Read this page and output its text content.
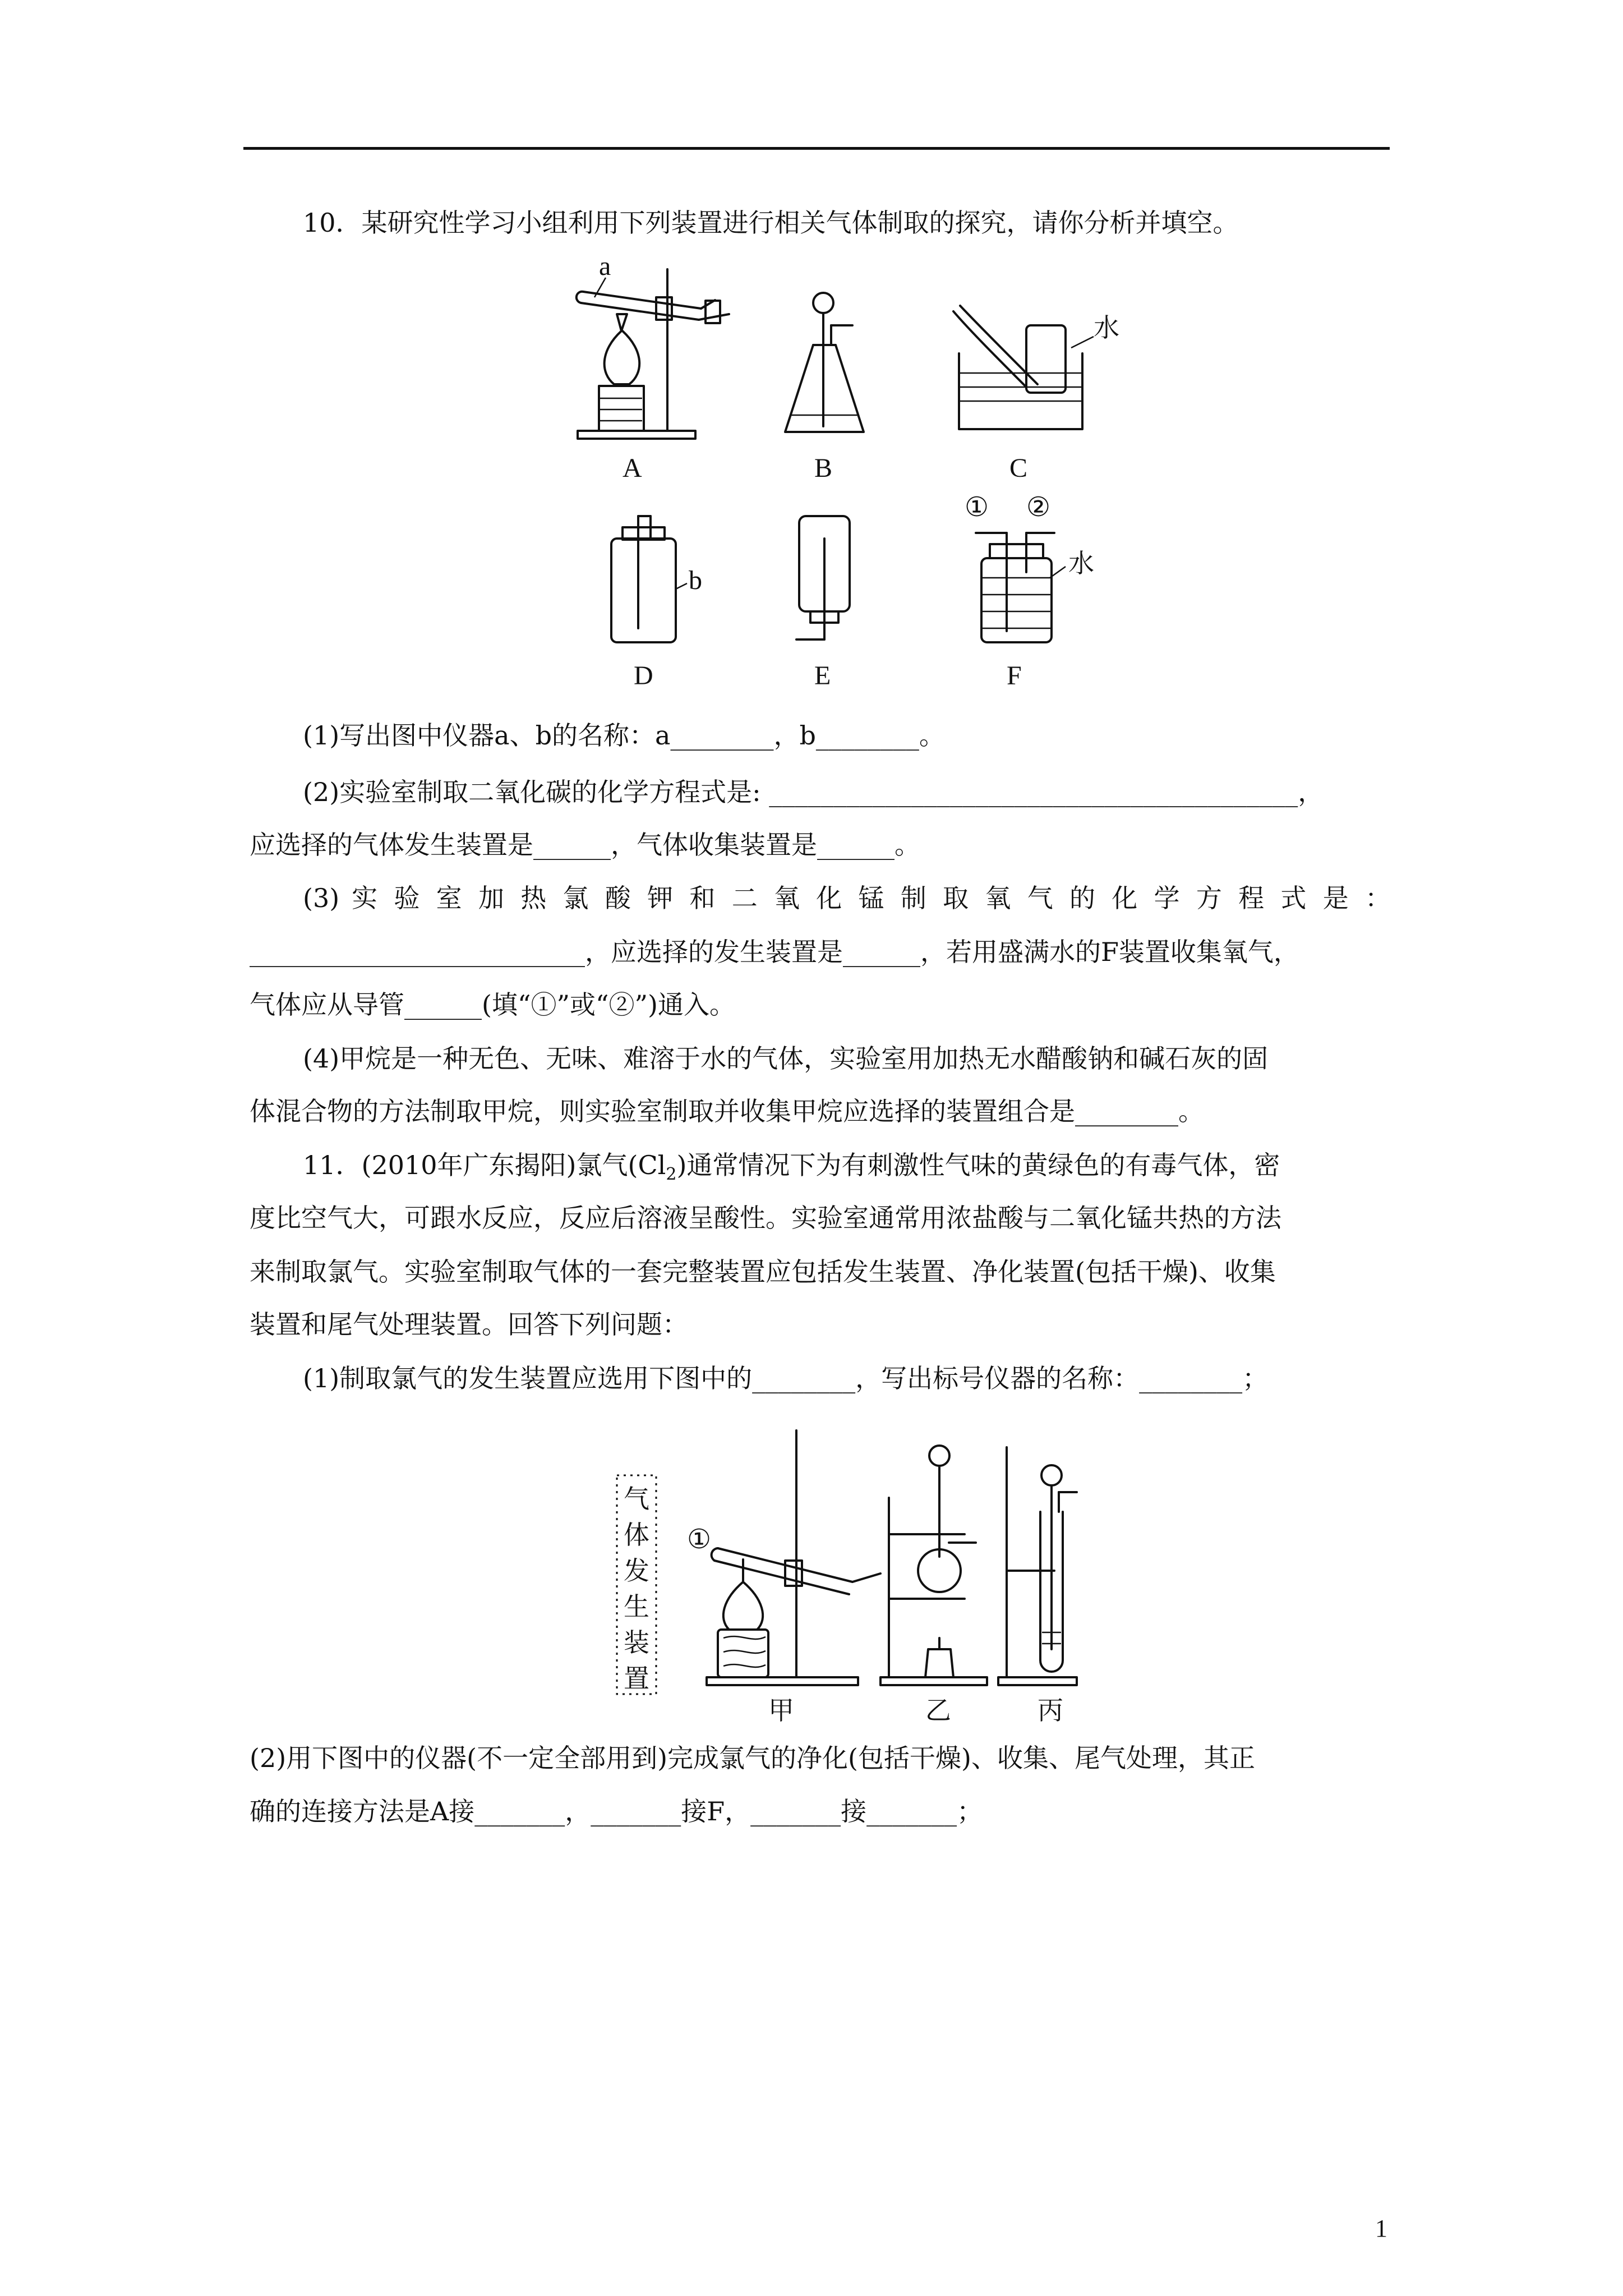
10．某研究性学习小组利用下列装置进行相关气体制取的探究，请你分析并填空。
a
A	B
水
C
b
D	E
① ②
水
F
(1)写出图中仪器a、b的名称：a________，b________。
(2)实验室制取二氧化碳的化学方程式是: _________________________________________，
应选择的气体发生装置是______，气体收集装置是______。
(3) 实 验 室 加 热 氯 酸 钾 和 二 氧 化 锰 制 取 氧 气 的 化 学 方 程 式 是 ：
__________________________，应选择的发生装置是______，若用盛满水的F装置收集氧气，
气体应从导管______(填“①”或“②”)通入。
(4)甲烷是一种无色、无味、难溶于水的气体，实验室用加热无水醋酸钠和碱石灰的固
体混合物的方法制取甲烷，则实验室制取并收集甲烷应选择的装置组合是________。
11．(2010年广东揭阳)氯气$(Cl_2)$通常情况下为有刺激性气味的黄绿色的有毒气体，密
度比空气大，可跟水反应，反应后溶液呈酸性。实验室通常用浓盐酸与二氧化锰共热的方法
来制取氯气。实验室制取气体的一套完整装置应包括发生装置、净化装置(包括干燥)、收集
装置和尾气处理装置。回答下列问题：
(1)制取氯气的发生装置应选用下图中的________，写出标号仪器的名称：________；
气
体
发
生
装
置
①
甲	乙	丙
(2)用下图中的仪器(不一定全部用到)完成氯气的净化(包括干燥)、收集、尾气处理，其正
确的连接方法是A接_______，_______接F，_______接_______；
1
